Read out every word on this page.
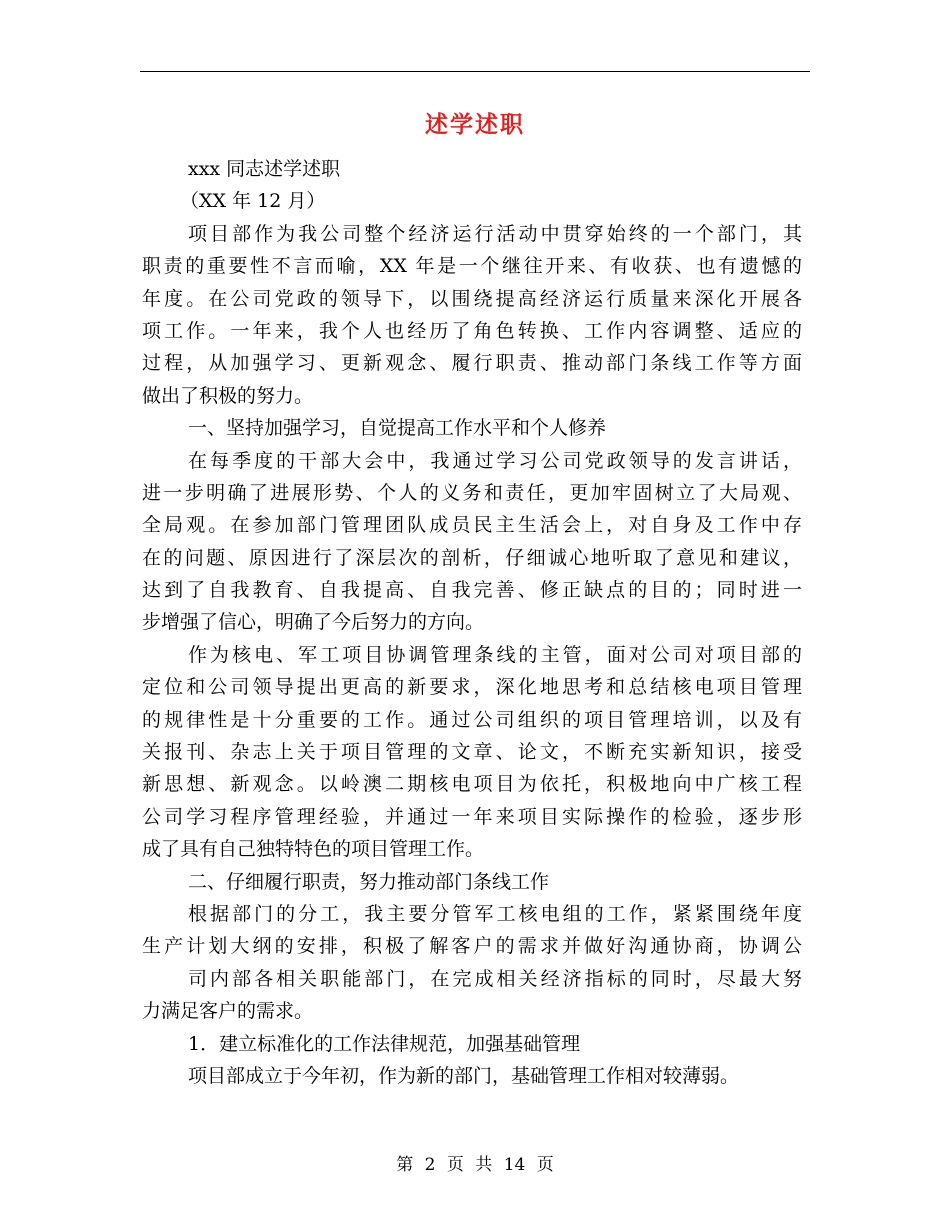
述学述职
xxx 同志述学述职
（XX 年 12 月）
项目部作为我公司整个经济运行活动中贯穿始终的一个部门，其
职责的重要性不言而喻，XX 年是一个继往开来、有收获、也有遗憾的
年度。在公司党政的领导下，以围绕提高经济运行质量来深化开展各
项工作。一年来，我个人也经历了角色转换、工作内容调整、适应的
过程，从加强学习、更新观念、履行职责、推动部门条线工作等方面
做出了积极的努力。
一、坚持加强学习，自觉提高工作水平和个人修养
在每季度的干部大会中，我通过学习公司党政领导的发言讲话，
进一步明确了进展形势、个人的义务和责任，更加牢固树立了大局观、
全局观。在参加部门管理团队成员民主生活会上，对自身及工作中存
在的问题、原因进行了深层次的剖析，仔细诚心地听取了意见和建议，
达到了自我教育、自我提高、自我完善、修正缺点的目的；同时进一
步增强了信心，明确了今后努力的方向。
作为核电、军工项目协调管理条线的主管，面对公司对项目部的
定位和公司领导提出更高的新要求，深化地思考和总结核电项目管理
的规律性是十分重要的工作。通过公司组织的项目管理培训，以及有
关报刊、杂志上关于项目管理的文章、论文，不断充实新知识，接受
新思想、新观念。以岭澳二期核电项目为依托，积极地向中广核工程
公司学习程序管理经验，并通过一年来项目实际操作的检验，逐步形
成了具有自己独特特色的项目管理工作。
二、仔细履行职责，努力推动部门条线工作
根据部门的分工，我主要分管军工核电组的工作，紧紧围绕年度
生产计划大纲的安排，积极了解客户的需求并做好沟通协商，协调公
司内部各相关职能部门，在完成相关经济指标的同时，尽最大努
力满足客户的需求。
1．建立标准化的工作法律规范，加强基础管理
项目部成立于今年初，作为新的部门，基础管理工作相对较薄弱。
第 2 页 共 14 页
